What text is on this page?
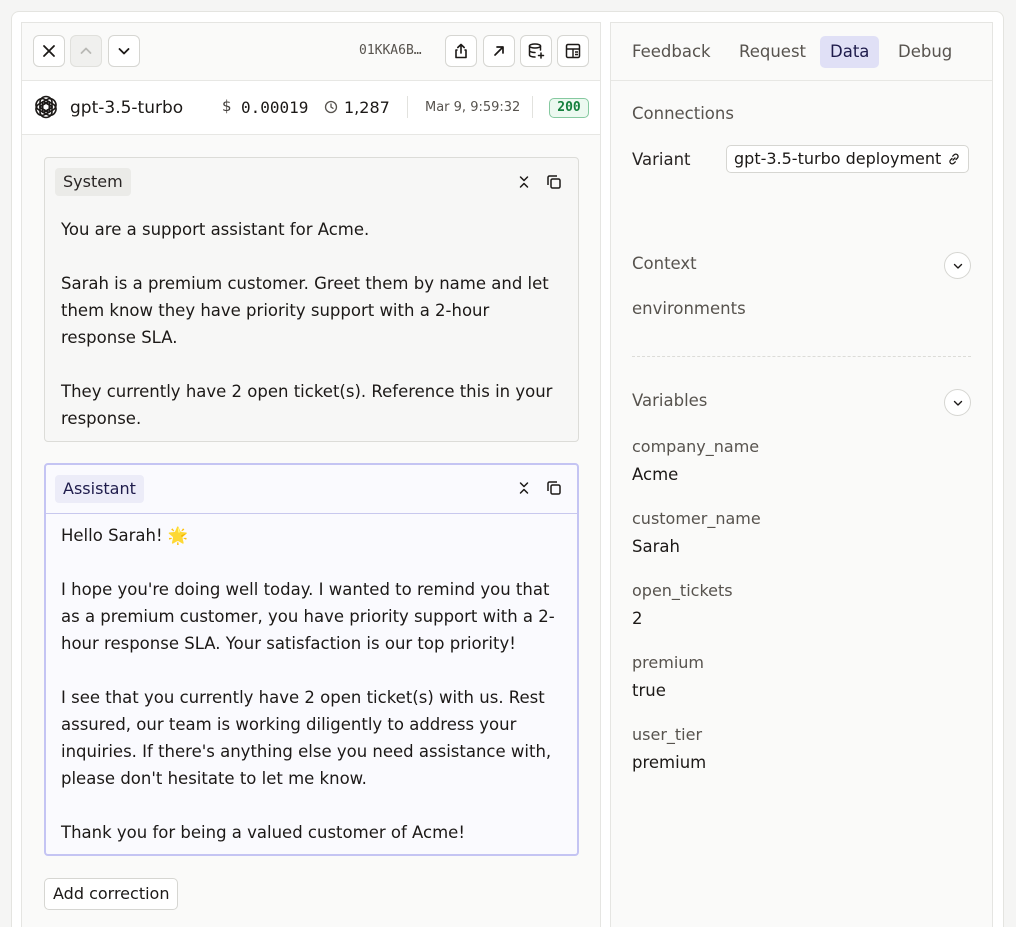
01KKA6B…
gpt-3.5-turbo	$ 0.00019 1,287	Mar 9, 9:59:32	200
System
You are a support assistant for Acme.

Sarah is a premium customer. Greet them by name and let them know they have priority support with a 2-hour response SLA.

They currently have 2 open ticket(s). Reference this in your response.
Assistant
Hello Sarah! 🌟

I hope you're doing well today. I wanted to remind you that as a premium customer, you have priority support with a 2-hour response SLA. Your satisfaction is our top priority!

I see that you currently have 2 open ticket(s) with us. Rest assured, our team is working diligently to address your inquiries. If there's anything else you need assistance with, please don't hesitate to let me know.

Thank you for being a valued customer of Acme!
Add correction
Feedback	Request	Data	Debug
Connections
Variant	gpt-3.5-turbo deployment
Context
environments
Variables
company_name
Acme
customer_name
Sarah
open_tickets
2
premium
true
user_tier
premium
